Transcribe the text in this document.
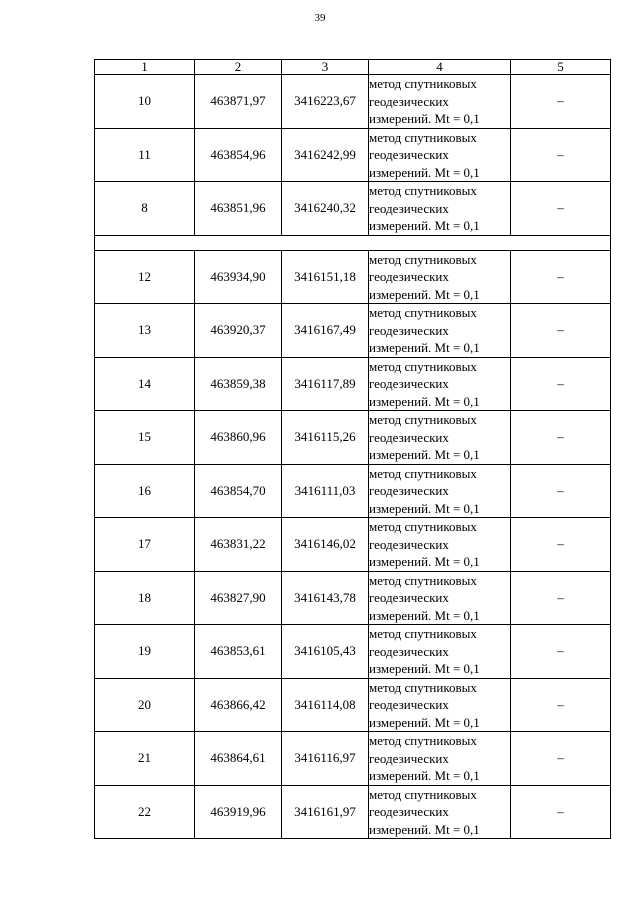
39
1	2	3	4	5
10	463871,97	3416223,67	метод спутниковых
геодезических
измерений. Mt = 0,1	–
11	463854,96	3416242,99	метод спутниковых
геодезических
измерений. Mt = 0,1	–
8	463851,96	3416240,32	метод спутниковых
геодезических
измерений. Mt = 0,1	–

12	463934,90	3416151,18	метод спутниковых
геодезических
измерений. Mt = 0,1	–
13	463920,37	3416167,49	метод спутниковых
геодезических
измерений. Mt = 0,1	–
14	463859,38	3416117,89	метод спутниковых
геодезических
измерений. Mt = 0,1	–
15	463860,96	3416115,26	метод спутниковых
геодезических
измерений. Mt = 0,1	–
16	463854,70	3416111,03	метод спутниковых
геодезических
измерений. Mt = 0,1	–
17	463831,22	3416146,02	метод спутниковых
геодезических
измерений. Mt = 0,1	–
18	463827,90	3416143,78	метод спутниковых
геодезических
измерений. Mt = 0,1	–
19	463853,61	3416105,43	метод спутниковых
геодезических
измерений. Mt = 0,1	–
20	463866,42	3416114,08	метод спутниковых
геодезических
измерений. Mt = 0,1	–
21	463864,61	3416116,97	метод спутниковых
геодезических
измерений. Mt = 0,1	–
22	463919,96	3416161,97	метод спутниковых
геодезических
измерений. Mt = 0,1	–
